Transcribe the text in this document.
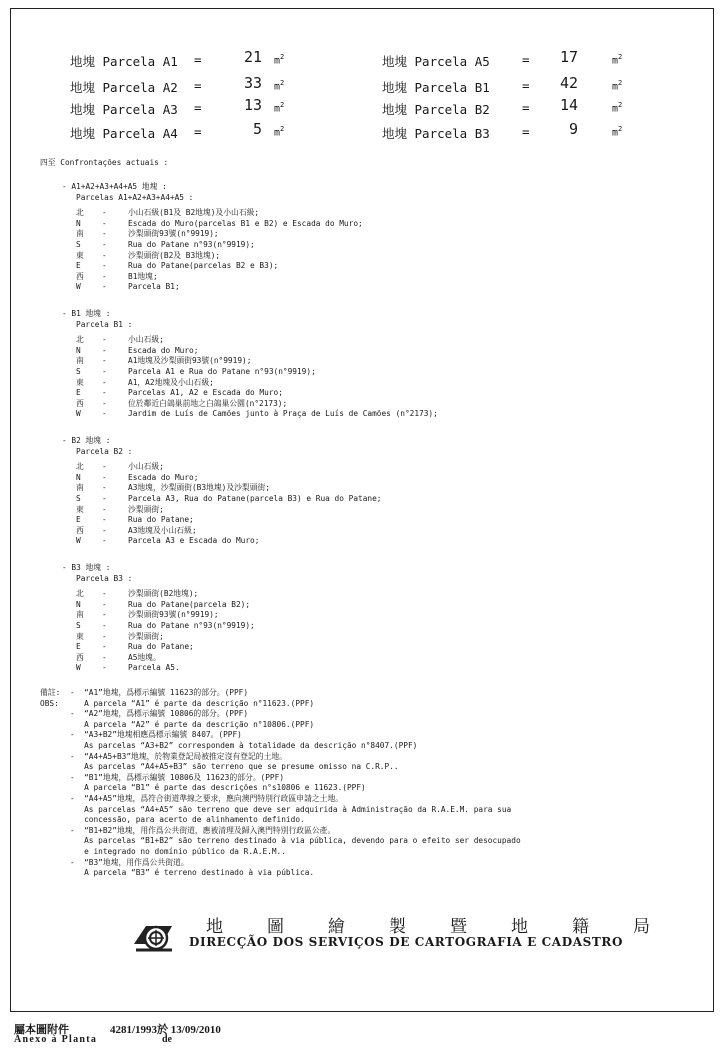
地塊 Parcela A1 =	21 $m^2$
地塊 Parcela A2 =	33 $m^2$
地塊 Parcela A3 =	13 $m^2$
地塊 Parcela A4 =	5 $m^2$
地塊 Parcela A5	=	17	$m^2$
地塊 Parcela B1	=	42	$m^2$
地塊 Parcela B2	=	14	$m^2$
地塊 Parcela B3	=	9	$m^2$
四至 Confrontações actuais :
- A1+A2+A3+A4+A5 地塊 :
Parcelas A1+A2+A3+A4+A5 :
北	-	小山石級(B1及 B2地塊)及小山石級;
N	-	Escada do Muro(parcelas B1 e B2) e Escada do Muro;
南	-	沙梨頭街93號(n°9919);
S	-	Rua do Patane n°93(n°9919);
東	-	沙梨頭街(B2及 B3地塊);
E	-	Rua do Patane(parcelas B2 e B3);
西	-	B1地塊;
W	-	Parcela B1;
- B1 地塊 :
Parcela B1 :
北	-	小山石級;
N	-	Escada do Muro;
南	-	A1地塊及沙梨頭街93號(n°9919);
S	-	Parcela A1 e Rua do Patane n°93(n°9919);
東	-	A1，A2地塊及小山石級;
E	-	Parcelas A1, A2 e Escada do Muro;
西	-	位於鄰近白鴿巢前地之白鴿巢公園(n°2173);
W	-	Jardim de Luís de Camões junto à Praça de Luís de Camões (n°2173);
- B2 地塊 :
Parcela B2 :
北	-	小山石級;
N	-	Escada do Muro;
南	-	A3地塊，沙梨頭街(B3地塊)及沙梨頭街;
S	-	Parcela A3, Rua do Patane(parcela B3) e Rua do Patane;
東	-	沙梨頭街;
E	-	Rua do Patane;
西	-	A3地塊及小山石級;
W	-	Parcela A3 e Escada do Muro;
- B3 地塊 :
Parcela B3 :
北	-	沙梨頭街(B2地塊);
N	-	Rua do Patane(parcela B2);
南	-	沙梨頭街93號(n°9919);
S	-	Rua do Patane n°93(n°9919);
東	-	沙梨頭街;
E	-	Rua do Patane;
西	-	A5地塊。
W	-	Parcela A5.
備註:
OBS:
-  “A1”地塊，爲標示編號 11623的部分。(PPF)
A parcela “A1” é parte da descrição n°11623.(PPF)
-  “A2”地塊，爲標示編號 10806的部分。(PPF)
A parcela “A2” é parte da descrição n°10806.(PPF)
-  “A3+B2”地塊相應爲標示編號 8407。(PPF)
As parcelas “A3+B2” correspondem à totalidade da descrição n°8407.(PPF)
-  “A4+A5+B3”地塊，於物業登記局被推定沒有登記的土地。
As parcelas “A4+A5+B3” são terreno que se presume omisso na C.R.P..
-  “B1”地塊，爲標示編號 10806及 11623的部分。(PPF)
A parcela “B1” é parte das descrições n°s10806 e 11623.(PPF)
-  “A4+A5”地塊，爲符合街道準線之要求，應向澳門特別行政區申請之土地。
As parcelas “A4+A5” são terreno que deve ser adquirida à Administração da R.A.E.M. para sua
concessão, para acerto de alinhamento definido.
-  “B1+B2”地塊，用作爲公共街道，應被清理及歸入澳門特別行政區公產。
As parcelas “B1+B2” são terreno destinado à via pública, devendo para o efeito ser desocupado
e integrado no domínio público da R.A.E.M..
-  “B3”地塊，用作爲公共街道。
A parcela “B3” é terreno destinado à via pública.
地圖繪製暨地籍局
DIRECÇÃO DOS SERVIÇOS DE CARTOGRAFIA E CADASTRO
屬本圖附件	4281/1993於 13/09/2010
Anexo à Planta	de
